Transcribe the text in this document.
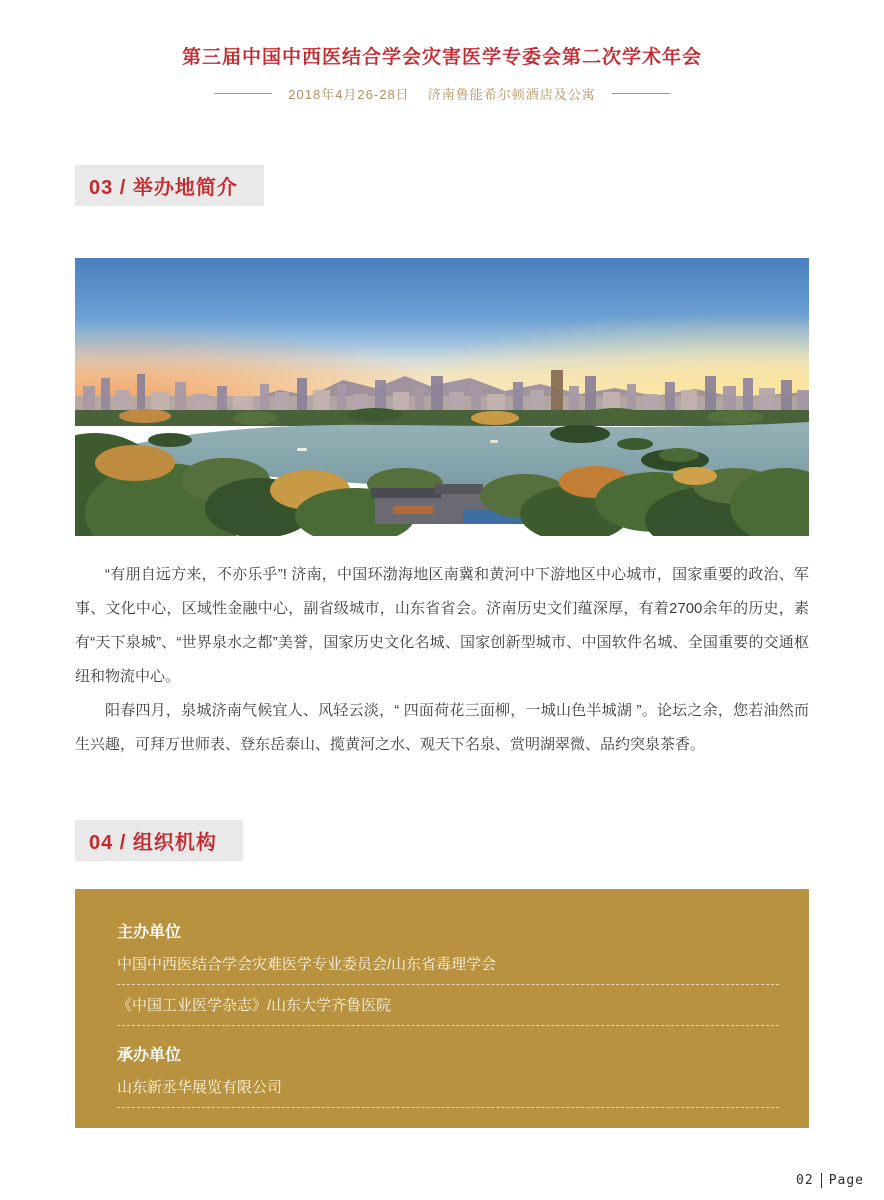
第三届中国中西医结合学会灾害医学专委会第二次学术年会
2018年4月26-28日 济南鲁能希尔顿酒店及公寓
03 / 举办地简介

“有朋自远方来，不亦乐乎”! 济南，中国环渤海地区南冀和黄河中下游地区中心城市，国家重要的政治、军事、文化中心，区域性金融中心，副省级城市，山东省省会。济南历史文们蕴深厚，有着2700余年的历史，素有“天下泉城”、“世界泉水之都”美誉，国家历史文化名城、国家创新型城市、中国软件名城、全国重要的交通枢纽和物流中心。

阳春四月，泉城济南气候宜人、风轻云淡，“ 四面荷花三面柳，一城山色半城湖 ”。论坛之余，您若油然而生兴趣，可拜万世师表、登东岳泰山、揽黄河之水、观天下名泉、赏明湖翠微、品约突泉茶香。

04 / 组织机构
主办单位
中国中西医结合学会灾难医学专业委员会/山东省毒理学会
《中国工业医学杂志》/山东大学齐鲁医院
承办单位
山东新丞华展览有限公司
02 Page
